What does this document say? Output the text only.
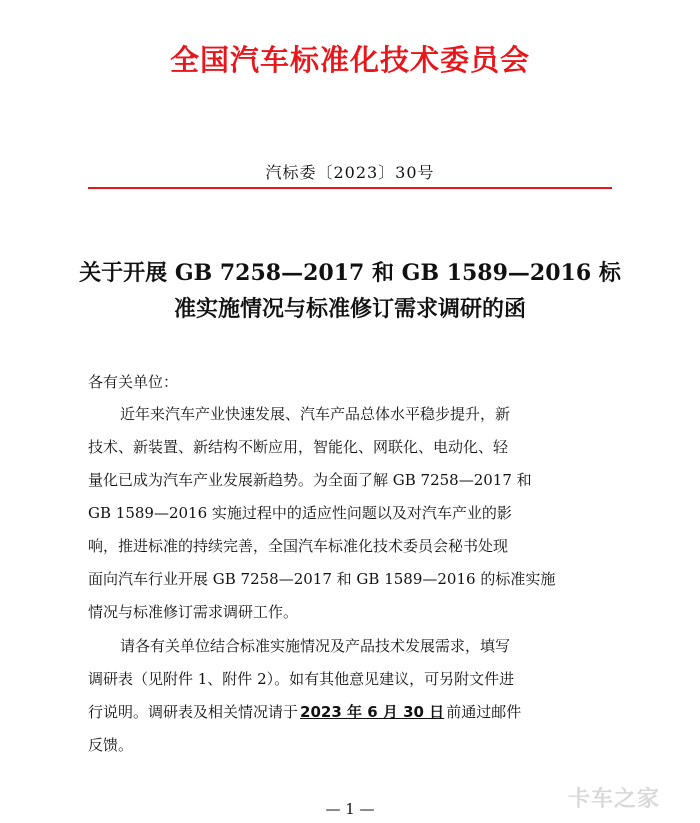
全国汽车标准化技术委员会
汽标委〔2023〕30号
关于开展 GB 7258—2017 和 GB 1589—2016 标
准实施情况与标准修订需求调研的函
各有关单位：
近年来汽车产业快速发展、汽车产品总体水平稳步提升，新
技术、新装置、新结构不断应用，智能化、网联化、电动化、轻
量化已成为汽车产业发展新趋势。为全面了解 GB 7258—2017 和
GB 1589—2016 实施过程中的适应性问题以及对汽车产业的影
响，推进标准的持续完善，全国汽车标准化技术委员会秘书处现
面向汽车行业开展 GB 7258—2017 和 GB 1589—2016 的标准实施
情况与标准修订需求调研工作。
请各有关单位结合标准实施情况及产品技术发展需求，填写
调研表（见附件 1、附件 2）。如有其他意见建议，可另附文件进
行说明。调研表及相关情况请于 2023 年 6 月 30 日 前通过邮件
反馈。
— 1 —	卡车之家
